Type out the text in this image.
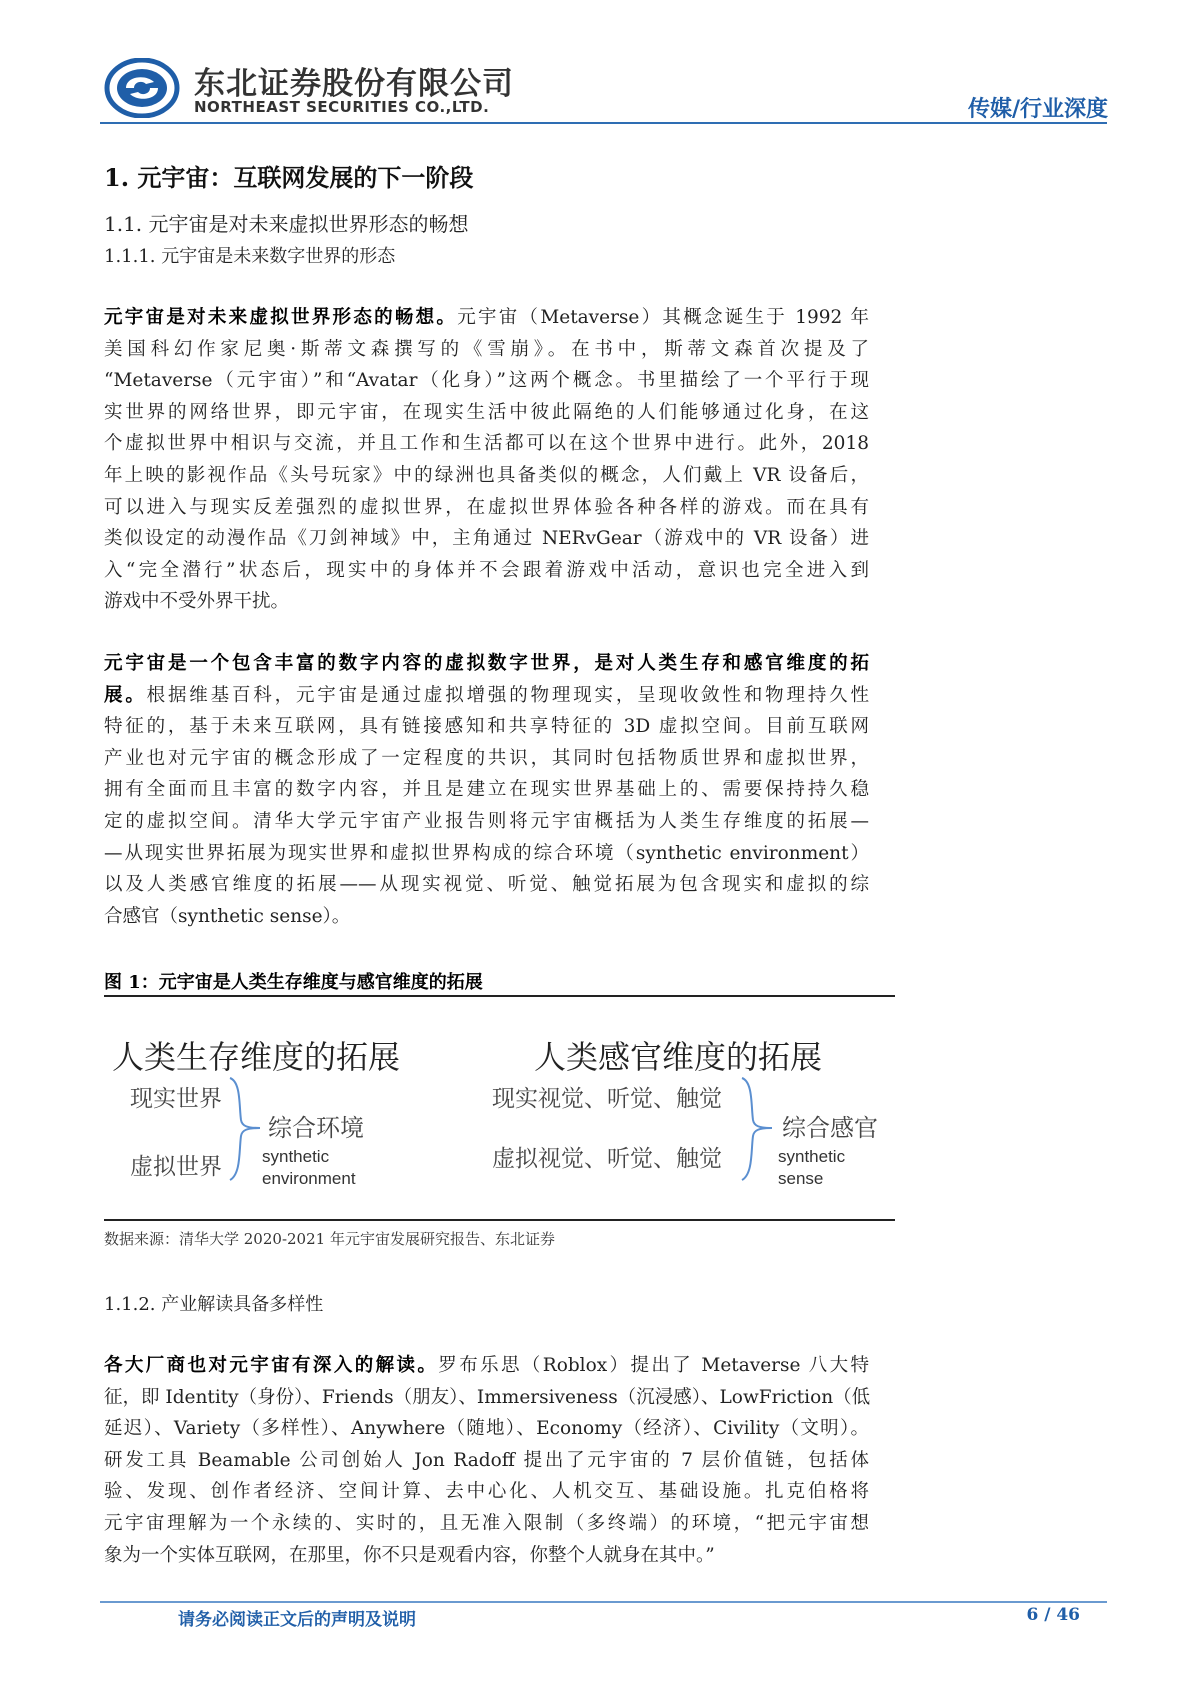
东北证券股份有限公司
NORTHEAST SECURITIES CO.,LTD.	传媒/行业深度
1. 元宇宙：互联网发展的下一阶段
1.1. 元宇宙是对未来虚拟世界形态的畅想
1.1.1. 元宇宙是未来数字世界的形态
元宇宙是对未来虚拟世界形态的畅想。元宇宙（Metaverse）其概念诞生于 1992 年
美国科幻作家尼奥·斯蒂文森撰写的《雪崩》。在书中，斯蒂文森首次提及了
“Metaverse（元宇宙）”和“Avatar（化身）”这两个概念。书里描绘了一个平行于现
实世界的网络世界，即元宇宙，在现实生活中彼此隔绝的人们能够通过化身，在这
个虚拟世界中相识与交流，并且工作和生活都可以在这个世界中进行。此外，2018
年上映的影视作品《头号玩家》中的绿洲也具备类似的概念，人们戴上 VR 设备后，
可以进入与现实反差强烈的虚拟世界，在虚拟世界体验各种各样的游戏。而在具有
类似设定的动漫作品《刀剑神域》中，主角通过 NERvGear（游戏中的 VR 设备）进
入“完全潜行”状态后，现实中的身体并不会跟着游戏中活动，意识也完全进入到
游戏中不受外界干扰。
元宇宙是一个包含丰富的数字内容的虚拟数字世界，是对人类生存和感官维度的拓
展。根据维基百科，元宇宙是通过虚拟增强的物理现实，呈现收敛性和物理持久性
特征的，基于未来互联网，具有链接感知和共享特征的 3D 虚拟空间。目前互联网
产业也对元宇宙的概念形成了一定程度的共识，其同时包括物质世界和虚拟世界，
拥有全面而且丰富的数字内容，并且是建立在现实世界基础上的、需要保持持久稳
定的虚拟空间。清华大学元宇宙产业报告则将元宇宙概括为人类生存维度的拓展—
—从现实世界拓展为现实世界和虚拟世界构成的综合环境（synthetic environment）
以及人类感官维度的拓展——从现实视觉、听觉、触觉拓展为包含现实和虚拟的综
合感官（synthetic sense）。
图 1：元宇宙是人类生存维度与感官维度的拓展
人类生存维度的拓展
现实世界
虚拟世界
综合环境
synthetic
environment
人类感官维度的拓展
现实视觉、听觉、触觉
虚拟视觉、听觉、触觉
综合感官
synthetic
sense
数据来源：清华大学 2020-2021 年元宇宙发展研究报告、东北证券
1.1.2. 产业解读具备多样性
各大厂商也对元宇宙有深入的解读。罗布乐思（Roblox）提出了 Metaverse 八大特
征，即 Identity（身份）、Friends（朋友）、Immersiveness（沉浸感）、LowFriction（低
延迟）、Variety（多样性）、Anywhere（随地）、Economy（经济）、Civility（文明）。
研发工具 Beamable 公司创始人 Jon Radoff 提出了元宇宙的 7 层价值链，包括体
验、发现、创作者经济、空间计算、去中心化、人机交互、基础设施。扎克伯格将
元宇宙理解为一个永续的、实时的，且无准入限制（多终端）的环境，“把元宇宙想
象为一个实体互联网，在那里，你不只是观看内容，你整个人就身在其中。”
请务必阅读正文后的声明及说明	6 / 46
